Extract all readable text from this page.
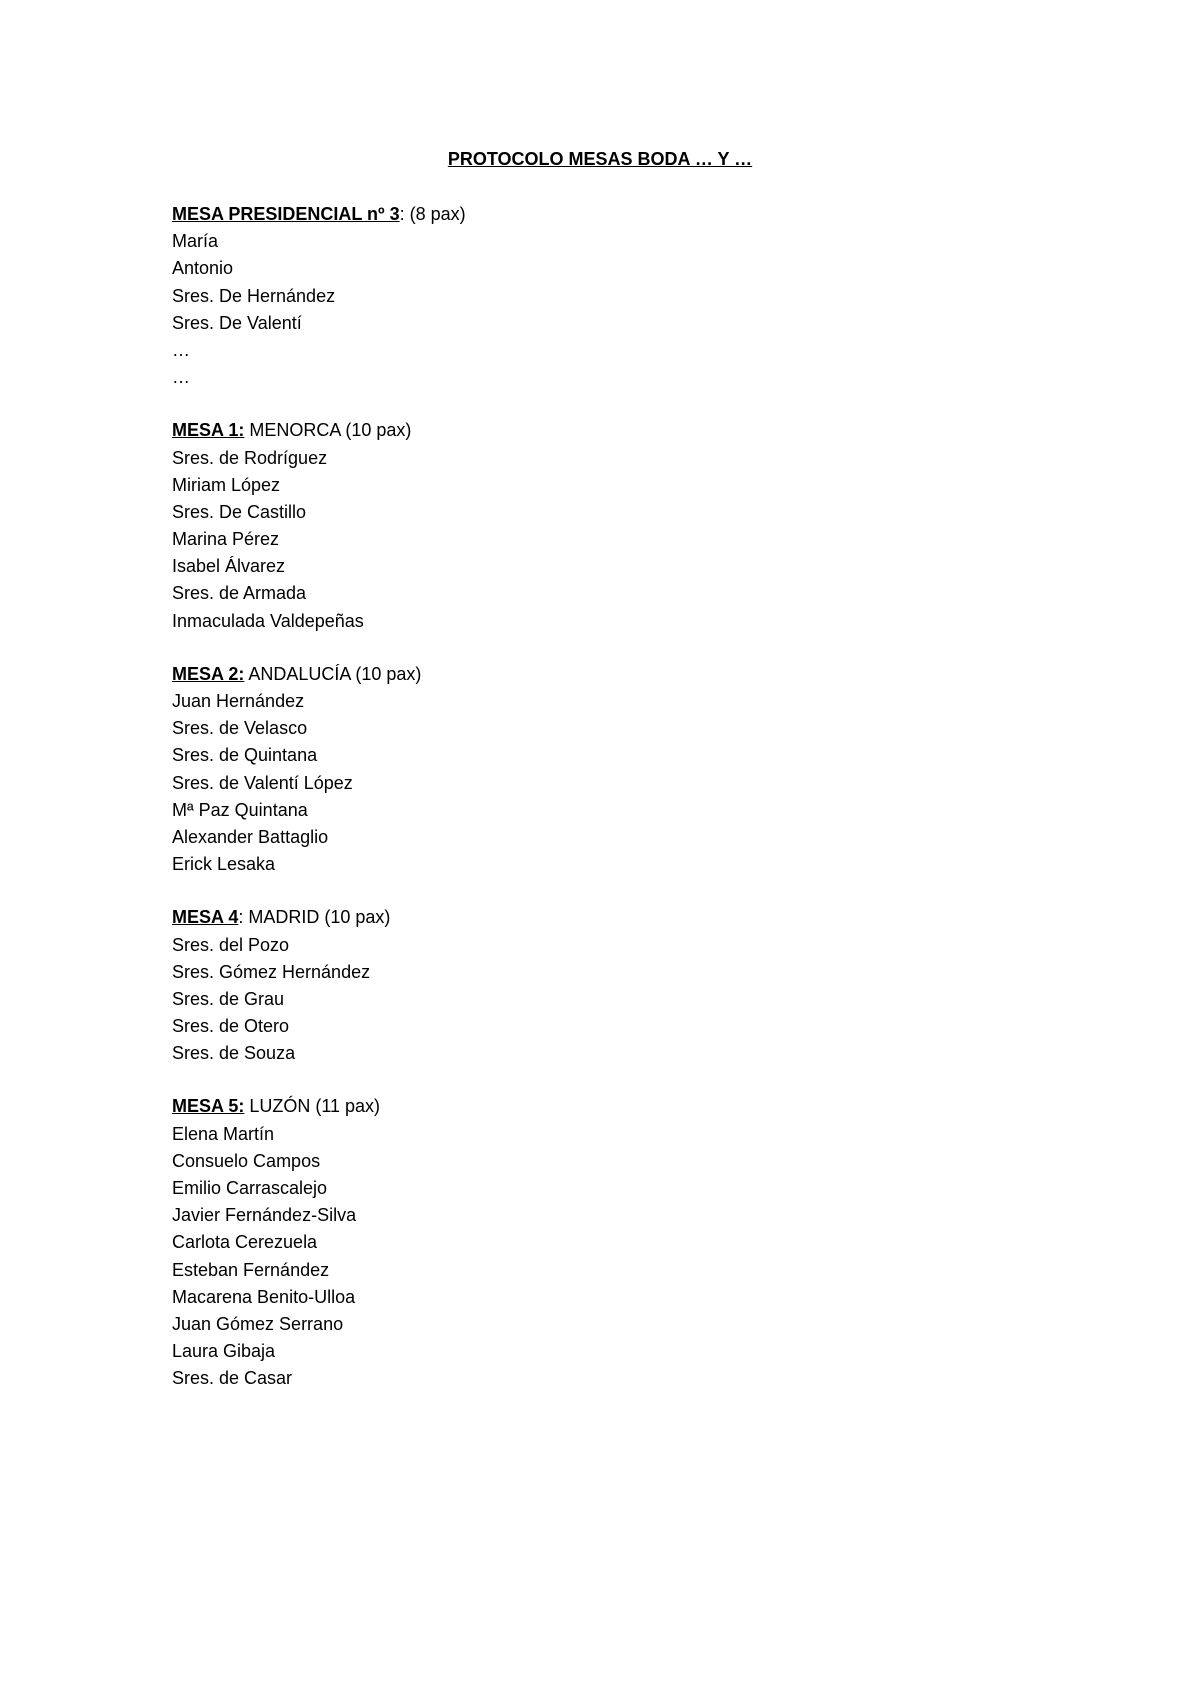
PROTOCOLO MESAS BODA … Y …
MESA PRESIDENCIAL nº 3: (8 pax)
María
Antonio
Sres. De Hernández
Sres. De Valentí
…
…
MESA 1: MENORCA (10 pax)
Sres. de Rodríguez
Miriam López
Sres. De Castillo
Marina Pérez
Isabel Álvarez
Sres. de Armada
Inmaculada Valdepeñas
MESA 2: ANDALUCÍA (10 pax)
Juan Hernández
Sres. de Velasco
Sres. de Quintana
Sres. de Valentí López
Mª Paz Quintana
Alexander Battaglio
Erick Lesaka
MESA 4: MADRID (10 pax)
Sres. del Pozo
Sres. Gómez Hernández
Sres. de Grau
Sres. de Otero
Sres. de Souza
MESA 5: LUZÓN (11 pax)
Elena Martín
Consuelo Campos
Emilio Carrascalejo
Javier Fernández-Silva
Carlota Cerezuela
Esteban Fernández
Macarena Benito-Ulloa
Juan Gómez Serrano
Laura Gibaja
Sres. de Casar
